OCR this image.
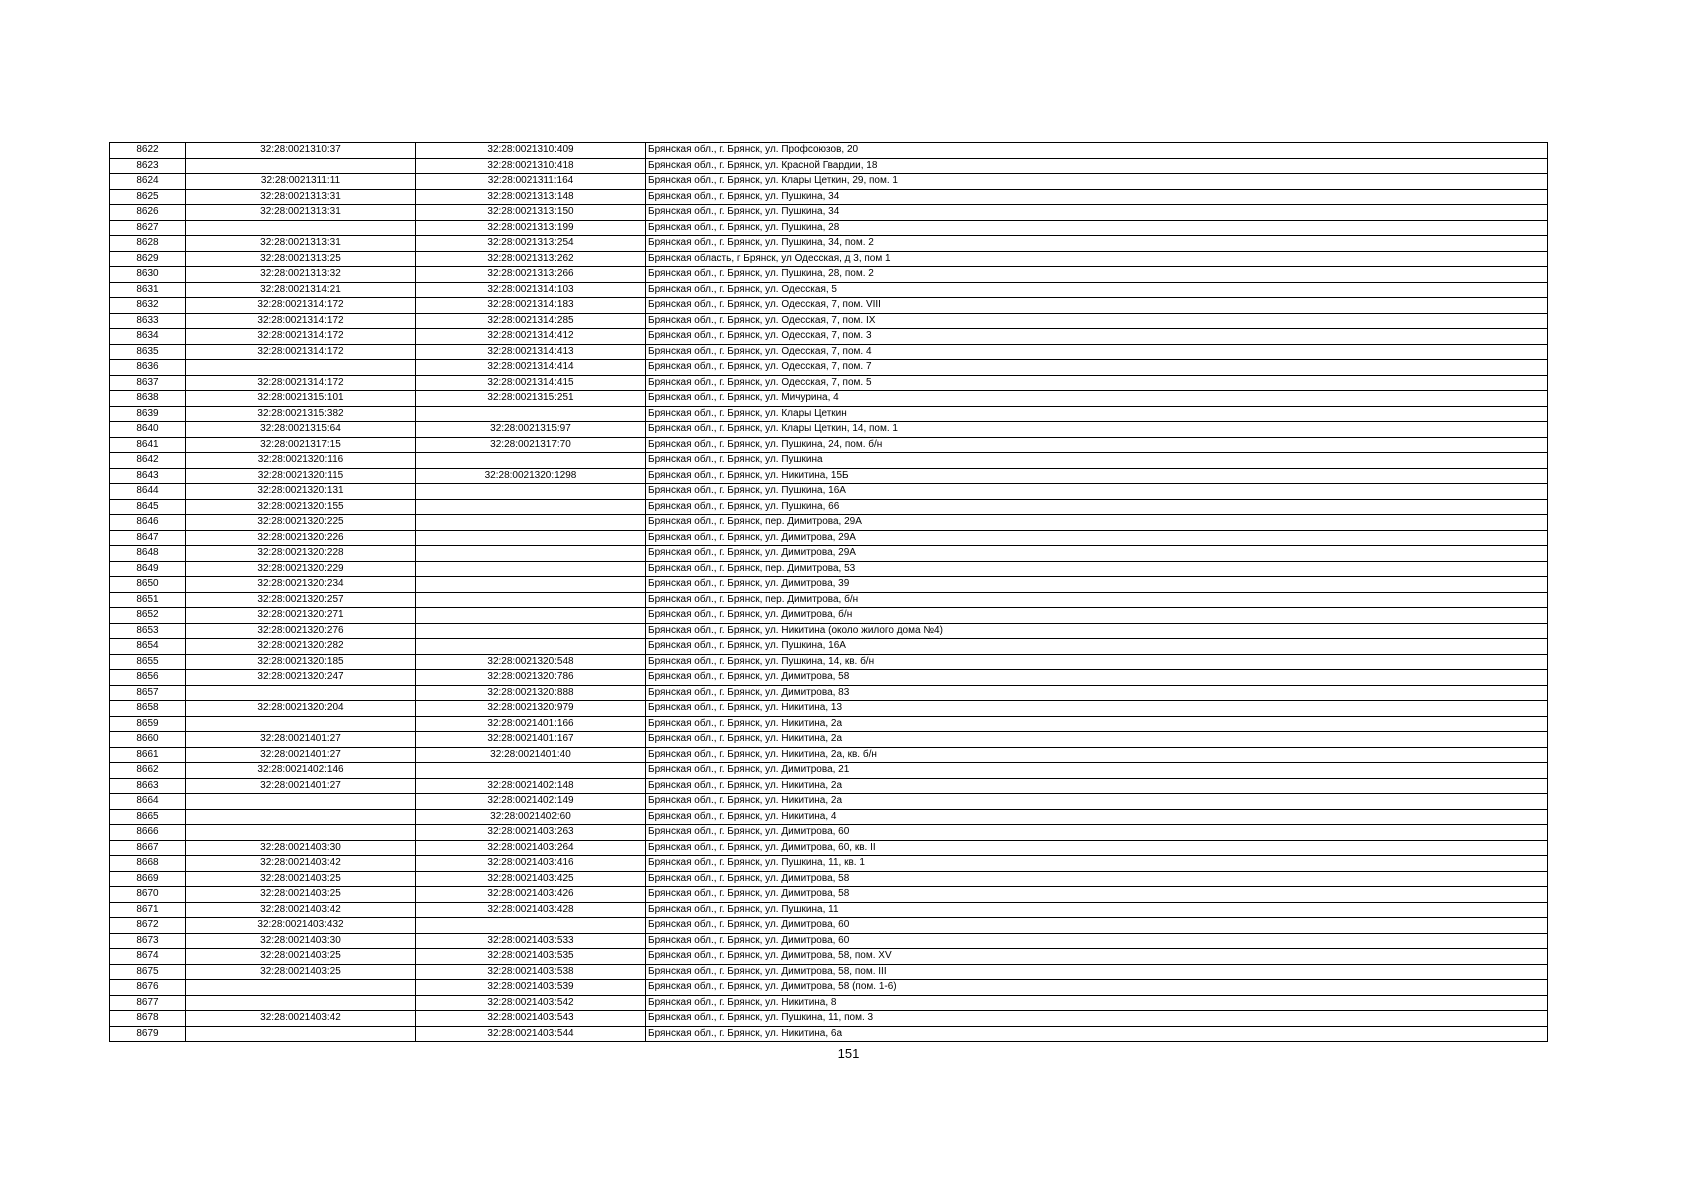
8622	32:28:0021310:37	32:28:0021310:409	Брянская обл., г. Брянск, ул. Профсоюзов, 20
8623		32:28:0021310:418	Брянская обл., г. Брянск, ул. Красной Гвардии, 18
8624	32:28:0021311:11	32:28:0021311:164	Брянская обл., г. Брянск, ул. Клары Цеткин, 29, пом. 1
8625	32:28:0021313:31	32:28:0021313:148	Брянская обл., г. Брянск, ул. Пушкина, 34
8626	32:28:0021313:31	32:28:0021313:150	Брянская обл., г. Брянск, ул. Пушкина, 34
8627		32:28:0021313:199	Брянская обл., г. Брянск, ул. Пушкина, 28
8628	32:28:0021313:31	32:28:0021313:254	Брянская обл., г. Брянск, ул. Пушкина, 34, пом. 2
8629	32:28:0021313:25	32:28:0021313:262	Брянская область, г Брянск, ул Одесская, д 3, пом 1
8630	32:28:0021313:32	32:28:0021313:266	Брянская обл., г. Брянск, ул. Пушкина, 28, пом. 2
8631	32:28:0021314:21	32:28:0021314:103	Брянская обл., г. Брянск, ул. Одесская, 5
8632	32:28:0021314:172	32:28:0021314:183	Брянская обл., г. Брянск, ул. Одесская, 7, пом. VIII
8633	32:28:0021314:172	32:28:0021314:285	Брянская обл., г. Брянск, ул. Одесская, 7, пом. IX
8634	32:28:0021314:172	32:28:0021314:412	Брянская обл., г. Брянск, ул. Одесская, 7, пом. 3
8635	32:28:0021314:172	32:28:0021314:413	Брянская обл., г. Брянск, ул. Одесская, 7, пом. 4
8636		32:28:0021314:414	Брянская обл., г. Брянск, ул. Одесская, 7, пом. 7
8637	32:28:0021314:172	32:28:0021314:415	Брянская обл., г. Брянск, ул. Одесская, 7, пом. 5
8638	32:28:0021315:101	32:28:0021315:251	Брянская обл., г. Брянск, ул. Мичурина, 4
8639	32:28:0021315:382		Брянская обл., г. Брянск, ул. Клары Цеткин
8640	32:28:0021315:64	32:28:0021315:97	Брянская обл., г. Брянск, ул. Клары Цеткин, 14, пом. 1
8641	32:28:0021317:15	32:28:0021317:70	Брянская обл., г. Брянск, ул. Пушкина, 24, пом. б/н
8642	32:28:0021320:116		Брянская обл., г. Брянск, ул. Пушкина
8643	32:28:0021320:115	32:28:0021320:1298	Брянская обл., г. Брянск, ул. Никитина, 15Б
8644	32:28:0021320:131		Брянская обл., г. Брянск, ул. Пушкина, 16А
8645	32:28:0021320:155		Брянская обл., г. Брянск, ул. Пушкина, 66
8646	32:28:0021320:225		Брянская обл., г. Брянск, пер. Димитрова, 29А
8647	32:28:0021320:226		Брянская обл., г. Брянск, ул. Димитрова, 29А
8648	32:28:0021320:228		Брянская обл., г. Брянск, ул. Димитрова, 29А
8649	32:28:0021320:229		Брянская обл., г. Брянск, пер. Димитрова, 53
8650	32:28:0021320:234		Брянская обл., г. Брянск, ул. Димитрова, 39
8651	32:28:0021320:257		Брянская обл., г. Брянск, пер. Димитрова, б/н
8652	32:28:0021320:271		Брянская обл., г. Брянск, ул. Димитрова, б/н
8653	32:28:0021320:276		Брянская обл., г. Брянск, ул. Никитина (около жилого дома №4)
8654	32:28:0021320:282		Брянская обл., г. Брянск, ул. Пушкина, 16А
8655	32:28:0021320:185	32:28:0021320:548	Брянская обл., г. Брянск, ул. Пушкина, 14, кв. б/н
8656	32:28:0021320:247	32:28:0021320:786	Брянская обл., г. Брянск, ул. Димитрова, 58
8657		32:28:0021320:888	Брянская обл., г. Брянск, ул. Димитрова, 83
8658	32:28:0021320:204	32:28:0021320:979	Брянская обл., г. Брянск, ул. Никитина, 13
8659		32:28:0021401:166	Брянская обл., г. Брянск, ул. Никитина, 2а
8660	32:28:0021401:27	32:28:0021401:167	Брянская обл., г. Брянск, ул. Никитина, 2а
8661	32:28:0021401:27	32:28:0021401:40	Брянская обл., г. Брянск, ул. Никитина, 2а, кв. б/н
8662	32:28:0021402:146		Брянская обл., г. Брянск, ул. Димитрова, 21
8663	32:28:0021401:27	32:28:0021402:148	Брянская обл., г. Брянск, ул. Никитина, 2а
8664		32:28:0021402:149	Брянская обл., г. Брянск, ул. Никитина, 2а
8665		32:28:0021402:60	Брянская обл., г. Брянск, ул. Никитина, 4
8666		32:28:0021403:263	Брянская обл., г. Брянск, ул. Димитрова, 60
8667	32:28:0021403:30	32:28:0021403:264	Брянская обл., г. Брянск, ул. Димитрова, 60, кв. II
8668	32:28:0021403:42	32:28:0021403:416	Брянская обл., г. Брянск, ул. Пушкина, 11, кв. 1
8669	32:28:0021403:25	32:28:0021403:425	Брянская обл., г. Брянск, ул. Димитрова, 58
8670	32:28:0021403:25	32:28:0021403:426	Брянская обл., г. Брянск, ул. Димитрова, 58
8671	32:28:0021403:42	32:28:0021403:428	Брянская обл., г. Брянск, ул. Пушкина, 11
8672	32:28:0021403:432		Брянская обл., г. Брянск, ул. Димитрова, 60
8673	32:28:0021403:30	32:28:0021403:533	Брянская обл., г. Брянск, ул. Димитрова, 60
8674	32:28:0021403:25	32:28:0021403:535	Брянская обл., г. Брянск, ул. Димитрова, 58, пом. XV
8675	32:28:0021403:25	32:28:0021403:538	Брянская обл., г. Брянск, ул. Димитрова, 58, пом. III
8676		32:28:0021403:539	Брянская обл., г. Брянск, ул. Димитрова, 58 (пом. 1-6)
8677		32:28:0021403:542	Брянская обл., г. Брянск, ул. Никитина, 8
8678	32:28:0021403:42	32:28:0021403:543	Брянская обл., г. Брянск, ул. Пушкина, 11, пом. 3
8679		32:28:0021403:544	Брянская обл., г. Брянск, ул. Никитина, 6а
151
